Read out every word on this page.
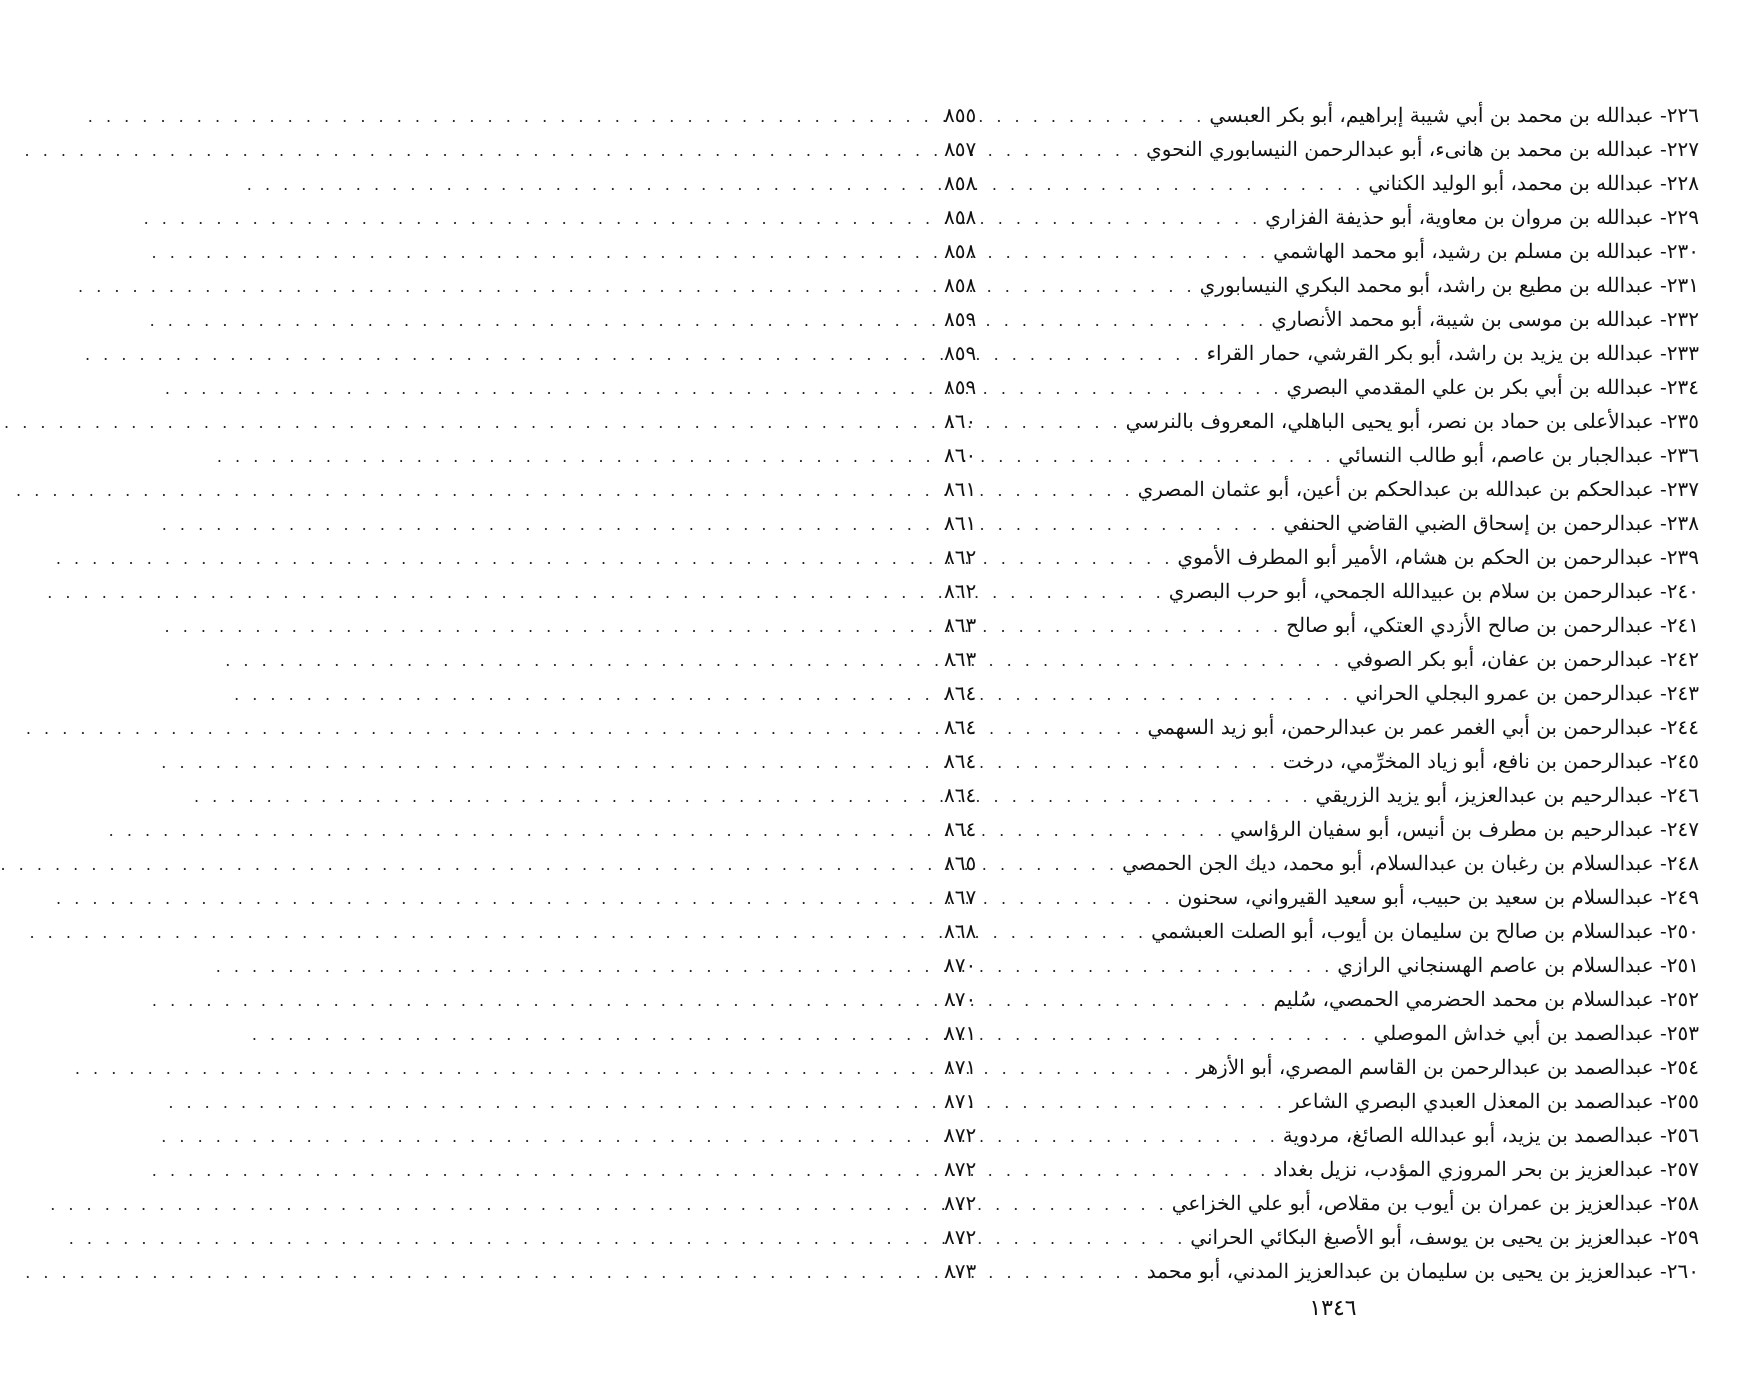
٢٢٦- عبدالله بن محمد بن أبي شيبة إبراهيم، أبو بكر العبسي
. . .
٨٥٥
٢٢٧- عبدالله بن محمد بن هانىء، أبو عبدالرحمن النيسابوري النحوي
. . .
٨٥٧
٢٢٨- عبدالله بن محمد، أبو الوليد الكناني
. . .
٨٥٨
٢٢٩- عبدالله بن مروان بن معاوية، أبو حذيفة الفزاري
. . .
٨٥٨
٢٣٠- عبدالله بن مسلم بن رشيد، أبو محمد الهاشمي
. . .
٨٥٨
٢٣١- عبدالله بن مطيع بن راشد، أبو محمد البكري النيسابوري
. . .
٨٥٨
٢٣٢- عبدالله بن موسى بن شيبة، أبو محمد الأنصاري
. . .
٨٥٩
٢٣٣- عبدالله بن يزيد بن راشد، أبو بكر القرشي، حمار القراء
. . .
٨٥٩
٢٣٤- عبدالله بن أبي بكر بن علي المقدمي البصري
. . .
٨٥٩
٢٣٥- عبدالأعلى بن حماد بن نصر، أبو يحيى الباهلي، المعروف بالنرسي
. . .
٨٦٠
٢٣٦- عبدالجبار بن عاصم، أبو طالب النسائي
. . .
٨٦٠
٢٣٧- عبدالحكم بن عبدالله بن عبدالحكم بن أعين، أبو عثمان المصري
. . .
٨٦١
٢٣٨- عبدالرحمن بن إسحاق الضبي القاضي الحنفي
. . .
٨٦١
٢٣٩- عبدالرحمن بن الحكم بن هشام، الأمير أبو المطرف الأموي
. . .
٨٦٢
٢٤٠- عبدالرحمن بن سلام بن عبيدالله الجمحي، أبو حرب البصري
. . .
٨٦٢
٢٤١- عبدالرحمن بن صالح الأزدي العتكي، أبو صالح
. . .
٨٦٣
٢٤٢- عبدالرحمن بن عفان، أبو بكر الصوفي
. . .
٨٦٣
٢٤٣- عبدالرحمن بن عمرو البجلي الحراني
. . .
٨٦٤
٢٤٤- عبدالرحمن بن أبي الغمر عمر بن عبدالرحمن، أبو زيد السهمي
. . .
٨٦٤
٢٤٥- عبدالرحمن بن نافع، أبو زياد المخرِّمي، درخت
. . .
٨٦٤
٢٤٦- عبدالرحيم بن عبدالعزيز، أبو يزيد الزريقي
. . .
٨٦٤
٢٤٧- عبدالرحيم بن مطرف بن أنيس، أبو سفيان الرؤاسي
. . .
٨٦٤
٢٤٨- عبدالسلام بن رغبان بن عبدالسلام، أبو محمد، ديك الجن الحمصي
. . .
٨٦٥
٢٤٩- عبدالسلام بن سعيد بن حبيب، أبو سعيد القيرواني، سحنون
. . .
٨٦٧
٢٥٠- عبدالسلام بن صالح بن سليمان بن أيوب، أبو الصلت العبشمي
. . .
٨٦٨
٢٥١- عبدالسلام بن عاصم الهسنجاني الرازي
. . .
٨٧٠
٢٥٢- عبدالسلام بن محمد الحضرمي الحمصي، سُليم
. . .
٨٧٠
٢٥٣- عبدالصمد بن أبي خداش الموصلي
. . .
٨٧١
٢٥٤- عبدالصمد بن عبدالرحمن بن القاسم المصري، أبو الأزهر
. . .
٨٧١
٢٥٥- عبدالصمد بن المعذل العبدي البصري الشاعر
. . .
٨٧١
٢٥٦- عبدالصمد بن يزيد، أبو عبدالله الصائغ، مردوية
. . .
٨٧٢
٢٥٧- عبدالعزيز بن بحر المروزي المؤدب، نزيل بغداد
. . .
٨٧٢
٢٥٨- عبدالعزيز بن عمران بن أيوب بن مقلاص، أبو علي الخزاعي
. . .
٨٧٢
٢٥٩- عبدالعزيز بن يحيى بن يوسف، أبو الأصبغ البكائي الحراني
. . .
٨٧٢
٢٦٠- عبدالعزيز بن يحيى بن سليمان بن عبدالعزيز المدني، أبو محمد
. . .
٨٧٣
١٣٤٦
